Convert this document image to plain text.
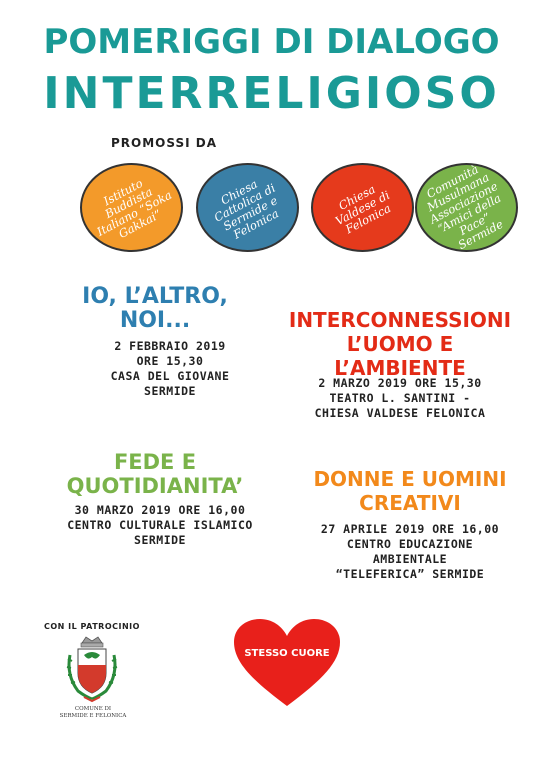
POMERIGGI DI DIALOGO
INTERRELIGIOSO
PROMOSSI DA
Istituto Buddista Italiano “Soka Gakkai”
Chiesa Cattolica di Sermide e Felonica
Chiesa Valdese di Felonica
Comunità Musulmana Associazione “Amici della Pace” Sermide
IO, L’ALTRO,
NOI...
2 FEBBRAIO 2019
ORE 15,30
CASA DEL GIOVANE
SERMIDE
INTERCONNESSIONI
L’UOMO E
L’AMBIENTE
2 MARZO 2019 ORE 15,30
TEATRO L. SANTINI -
CHIESA VALDESE FELONICA
FEDE E
QUOTIDIANITA’
30 MARZO 2019 ORE 16,00
CENTRO CULTURALE ISLAMICO
SERMIDE
DONNE E UOMINI
CREATIVI
27 APRILE 2019 ORE 16,00
CENTRO EDUCAZIONE
AMBIENTALE
“TELEFERICA” SERMIDE
CON IL PATROCINIO
COMUNE DI
SERMIDE E FELONICA
STESSO CUORE
